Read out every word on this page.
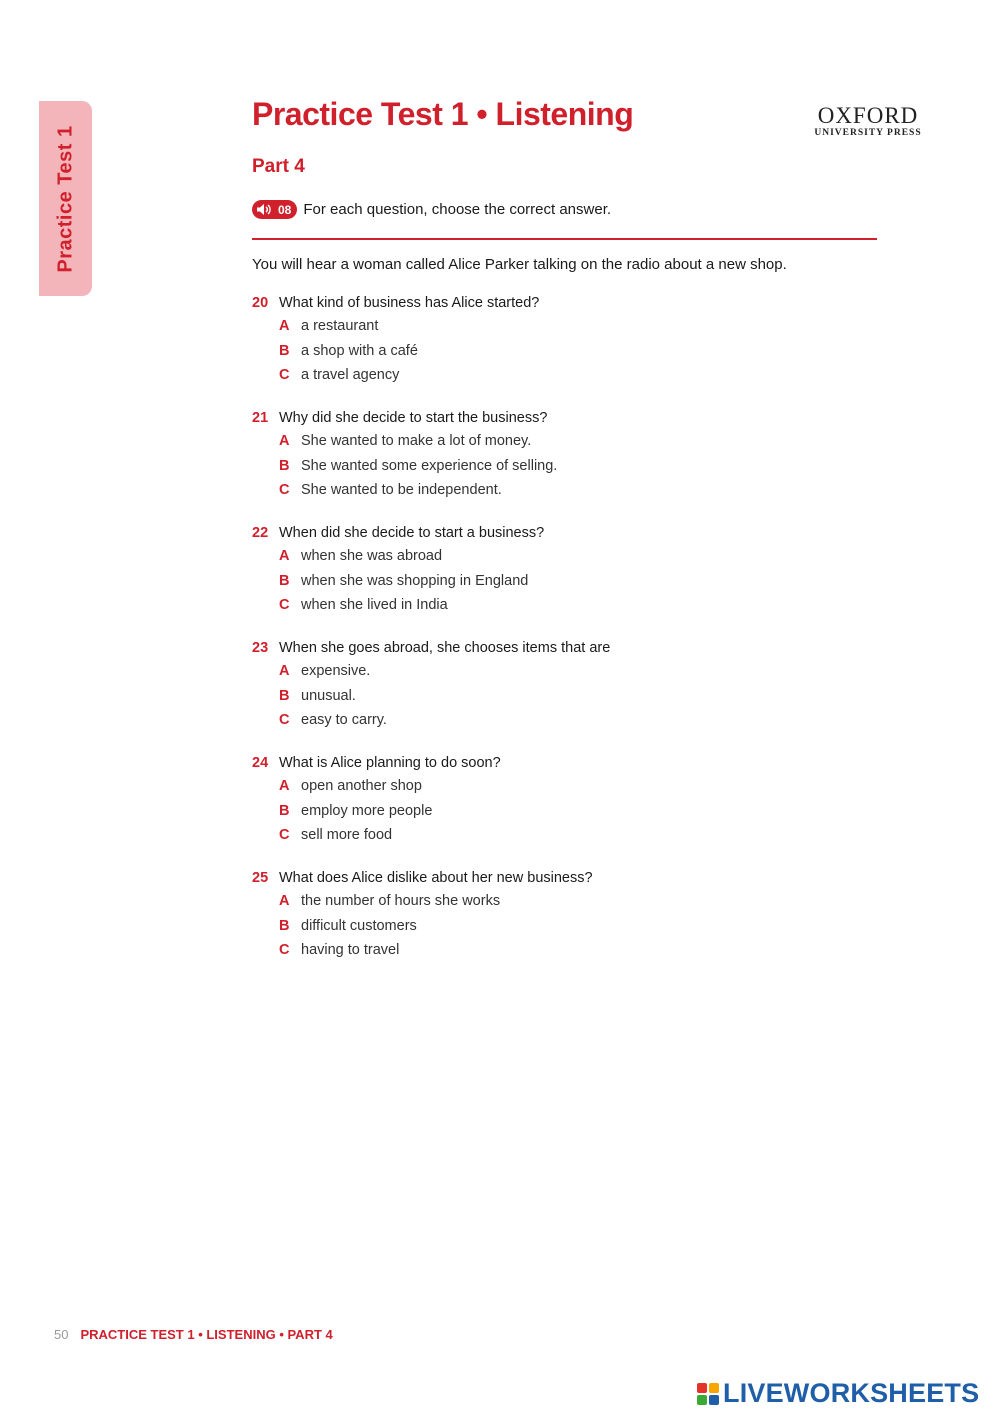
Practice Test 1
Practice Test 1 • Listening	OXFORD
UNIVERSITY PRESS
Part 4
08 For each question, choose the correct answer.
You will hear a woman called Alice Parker talking on the radio about a new shop.
20 What kind of business has Alice started?
A a restaurant
B a shop with a café
C a travel agency
21 Why did she decide to start the business?
A She wanted to make a lot of money.
B She wanted some experience of selling.
C She wanted to be independent.
22 When did she decide to start a business?
A when she was abroad
B when she was shopping in England
C when she lived in India
23 When she goes abroad, she chooses items that are
A expensive.
B unusual.
C easy to carry.
24 What is Alice planning to do soon?
A open another shop
B employ more people
C sell more food
25 What does Alice dislike about her new business?
A the number of hours she works
B difficult customers
C having to travel
50 PRACTICE TEST 1 • LISTENING • PART 4
LIVEWORKSHEETS
